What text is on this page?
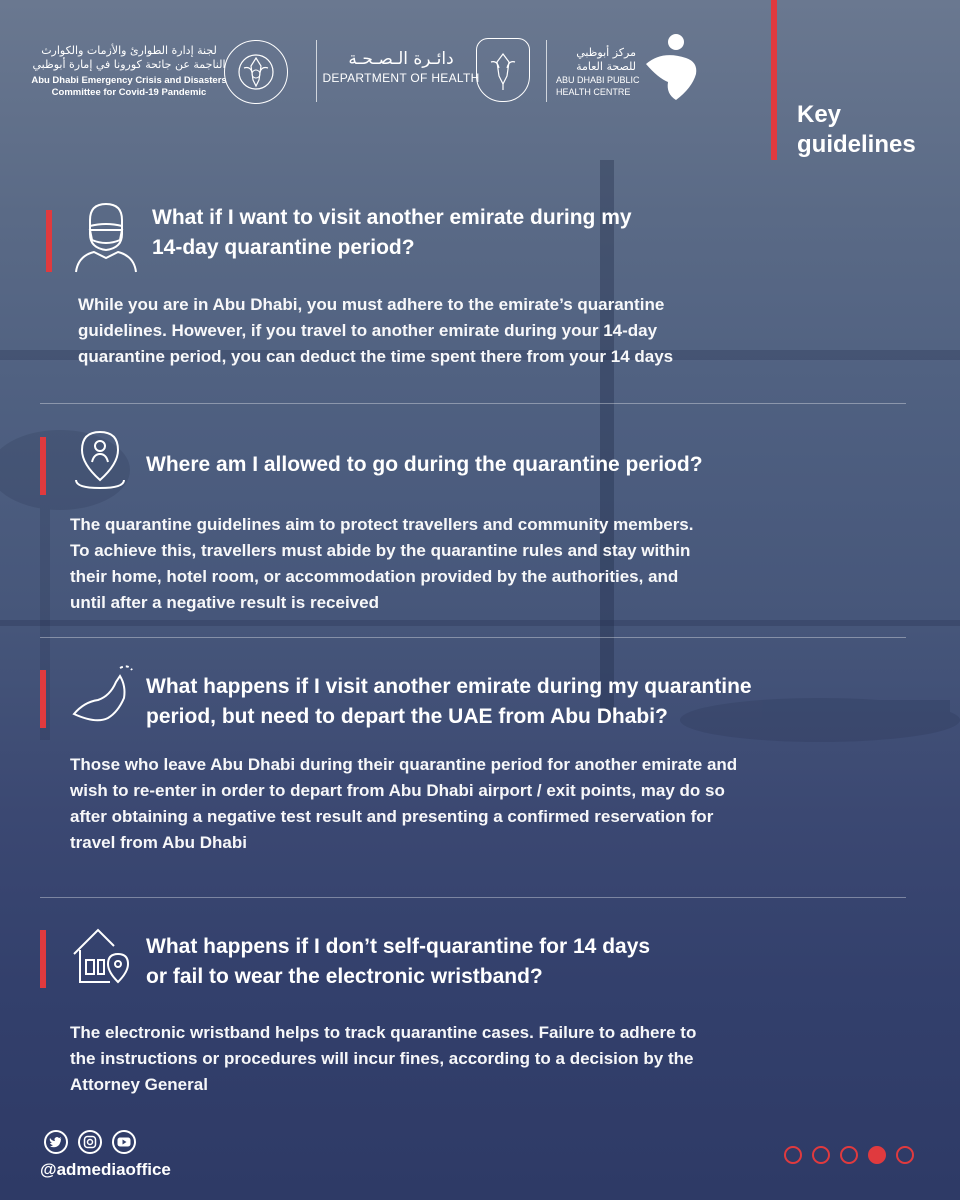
لجنة إدارة الطوارئ والأزمات والكوارث
الناجمة عن جائحة كورونا في إمارة أبوظبي
Abu Dhabi Emergency Crisis and Disasters
Committee for Covid-19 Pandemic
دائـرة الـصـحـة
DEPARTMENT OF HEALTH
مركز أبوظبي
للصحة العامة
ABU DHABI PUBLIC
HEALTH CENTRE
Key
guidelines
What if I want to visit another emirate during my
14-day quarantine period?
While you are in Abu Dhabi, you must adhere to the emirate’s quarantine
guidelines. However, if you travel to another emirate during your 14-day
quarantine period, you can deduct the time spent there from your 14 days
Where am I allowed to go during the quarantine period?
The quarantine guidelines aim to protect travellers and community members.
To achieve this, travellers must abide by the quarantine rules and stay within
their home, hotel room, or accommodation provided by the authorities, and
until after a negative result is received
What happens if I visit another emirate during my quarantine
period, but need to depart the UAE from Abu Dhabi?
Those who leave Abu Dhabi during their quarantine period for another emirate and
wish to re-enter in order to depart from Abu Dhabi airport / exit points, may do so
after obtaining a negative test result and presenting a confirmed reservation for
travel from Abu Dhabi
What happens if I don’t self-quarantine for 14 days
or fail to wear the electronic wristband?
The electronic wristband helps to track quarantine cases. Failure to adhere to
the instructions or procedures will incur fines, according to a decision by the
Attorney General
@admediaoffice
